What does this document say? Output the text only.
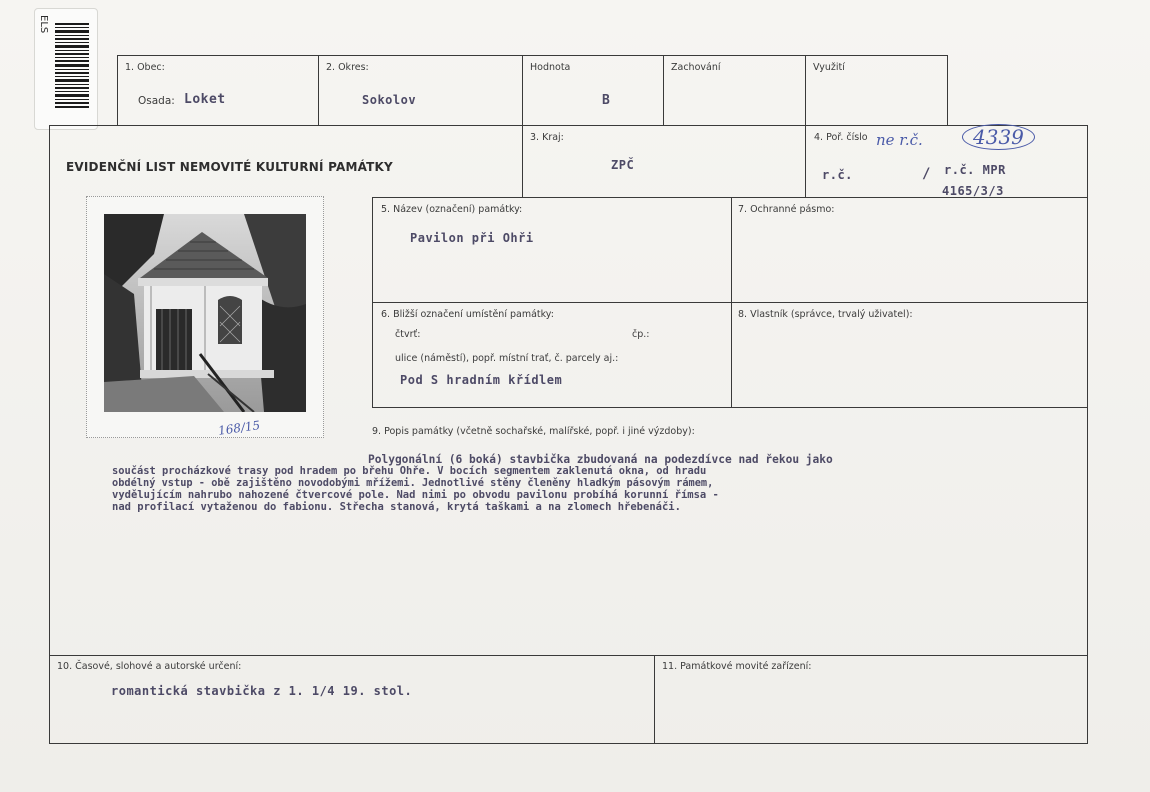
ELS
1. Obec:
Osada: Loket
2. Okres:
Sokolov
Hodnota
B
Zachování	Využití
EVIDENČNÍ LIST NEMOVITÉ KULTURNÍ PAMÁTKY
3. Kraj:
ZPČ
4. Poř. číslo ne r.č.	4339
r.č.	/ r.č. MPR
4165/3/3
168/15
5. Název (označení) památky:
Pavilon při Ohři
7. Ochranné pásmo:
6. Bližší označení umístění památky:
čtvrť:	čp.:
ulice (náměstí), popř. místní trať, č. parcely aj.:
Pod S hradním křídlem
8. Vlastník (správce, trvalý uživatel):
9. Popis památky (včetně sochařské, malířské, popř. i jiné výzdoby):
Polygonální (6 boká) stavbička zbudovaná na podezdívce nad řekou jako
součást procházkové trasy pod hradem po břehu Ohře. V bocích segmentem zaklenutá okna, od hradu
obdélný vstup - obě zajištěno novodobými mřížemi. Jednotlivé stěny členěny hladkým pásovým rámem,
vydělujícím nahrubo nahozené čtvercové pole. Nad nimi po obvodu pavilonu probíhá korunní římsa -
nad profilací vytaženou do fabionu. Střecha stanová, krytá taškami a na zlomech hřebenáči.
10. Časové, slohové a autorské určení:
romantická stavbička z 1. 1/4 19. stol.
11. Památkové movité zařízení:
